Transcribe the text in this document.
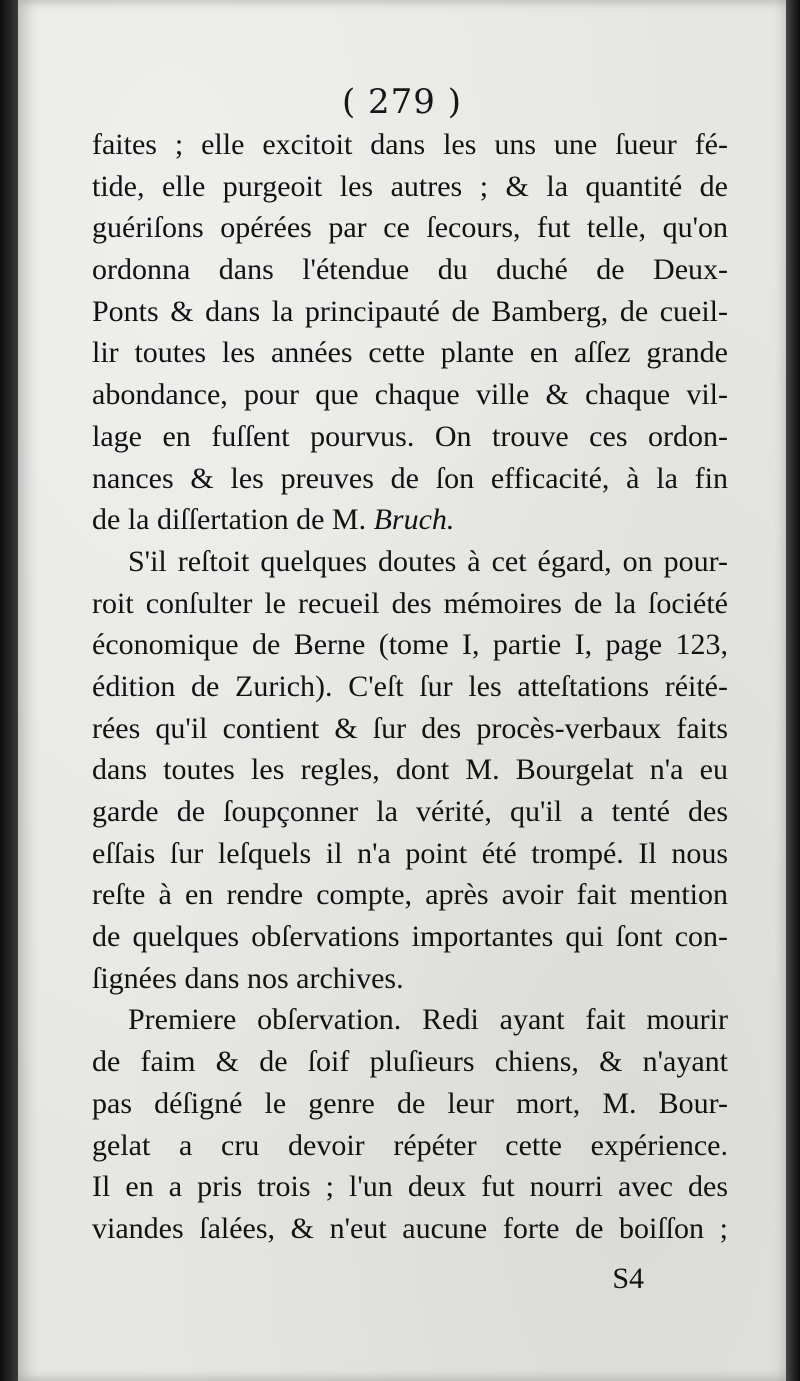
( 279 )
faites ; elle excitoit dans les uns une ſueur fé-
tide, elle purgeoit les autres ; & la quantité de
guériſons opérées par ce ſecours, fut telle, qu'on
ordonna dans l'étendue du duché de Deux-
Ponts & dans la principauté de Bamberg, de cueil-
lir toutes les années cette plante en aſſez grande
abondance, pour que chaque ville & chaque vil-
lage en fuſſent pourvus. On trouve ces ordon-
nances & les preuves de ſon efficacité, à la fin
de la diſſertation de M. Bruch.
S'il reſtoit quelques doutes à cet égard, on pour-
roit conſulter le recueil des mémoires de la ſociété
économique de Berne (tome I, partie I, page 123,
édition de Zurich). C'eſt ſur les atteſtations réité-
rées qu'il contient & ſur des procès-verbaux faits
dans toutes les regles, dont M. Bourgelat n'a eu
garde de ſoupçonner la vérité, qu'il a tenté des
eſſais ſur leſquels il n'a point été trompé. Il nous
reſte à en rendre compte, après avoir fait mention
de quelques obſervations importantes qui ſont con-
ſignées dans nos archives.
Premiere obſervation. Redi ayant fait mourir
de faim & de ſoif pluſieurs chiens, & n'ayant
pas déſigné le genre de leur mort, M. Bour-
gelat a cru devoir répéter cette expérience.
Il en a pris trois ; l'un deux fut nourri avec des
viandes ſalées, & n'eut aucune forte de boiſſon ;
S4
